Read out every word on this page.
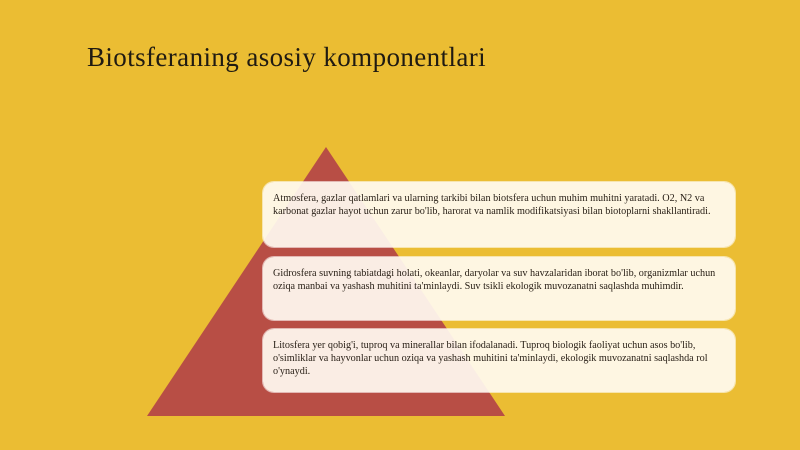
Biotsferaning asosiy komponentlari
Atmosfera, gazlar qatlamlari va ularning tarkibi bilan biotsfera uchun muhim muhitni yaratadi. O2, N2 va karbonat gazlar hayot uchun zarur bo'lib, harorat va namlik modifikatsiyasi bilan biotoplarni shakllantiradi.
Gidrosfera suvning tabiatdagi holati, okeanlar, daryolar va suv havzalaridan iborat bo'lib, organizmlar uchun oziqa manbai va yashash muhitini ta'minlaydi. Suv tsikli ekologik muvozanatni saqlashda muhimdir.
Litosfera yer qobig'i, tuproq va minerallar bilan ifodalanadi. Tuproq biologik faoliyat uchun asos bo'lib, o'simliklar va hayvonlar uchun oziqa va yashash muhitini ta'minlaydi, ekologik muvozanatni saqlashda rol o'ynaydi.
